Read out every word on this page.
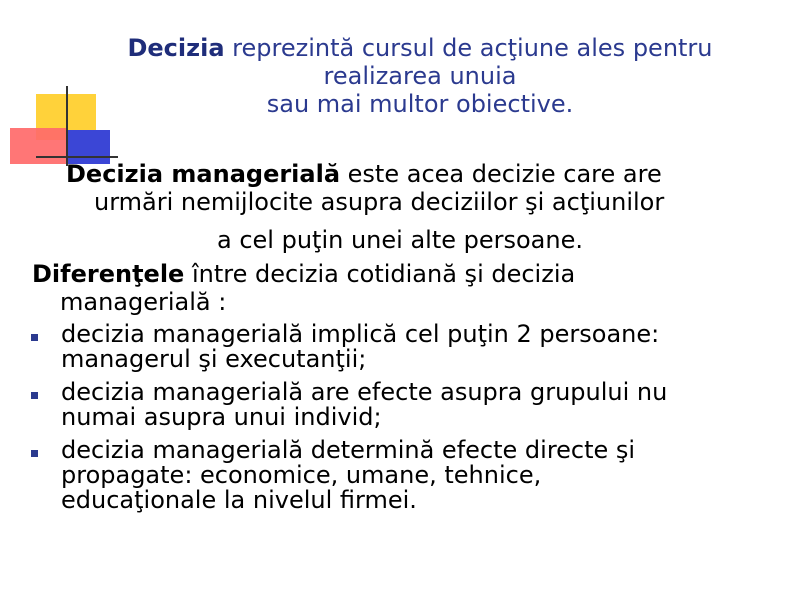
Decizia reprezintă cursul de acţiune ales pentru
realizarea unuia
sau mai multor obiective.
Decizia managerială este acea decizie care are
urmări nemijlocite asupra deciziilor şi acţiunilor
a cel puţin unei alte persoane.
Diferenţele între decizia cotidiană şi decizia
managerială :
decizia managerială implică cel puţin 2 persoane:
managerul şi executanţii;
decizia managerială are efecte asupra grupului nu
numai asupra unui individ;
decizia managerială determină efecte directe şi
propagate: economice, umane, tehnice,
educaţionale la nivelul firmei.
